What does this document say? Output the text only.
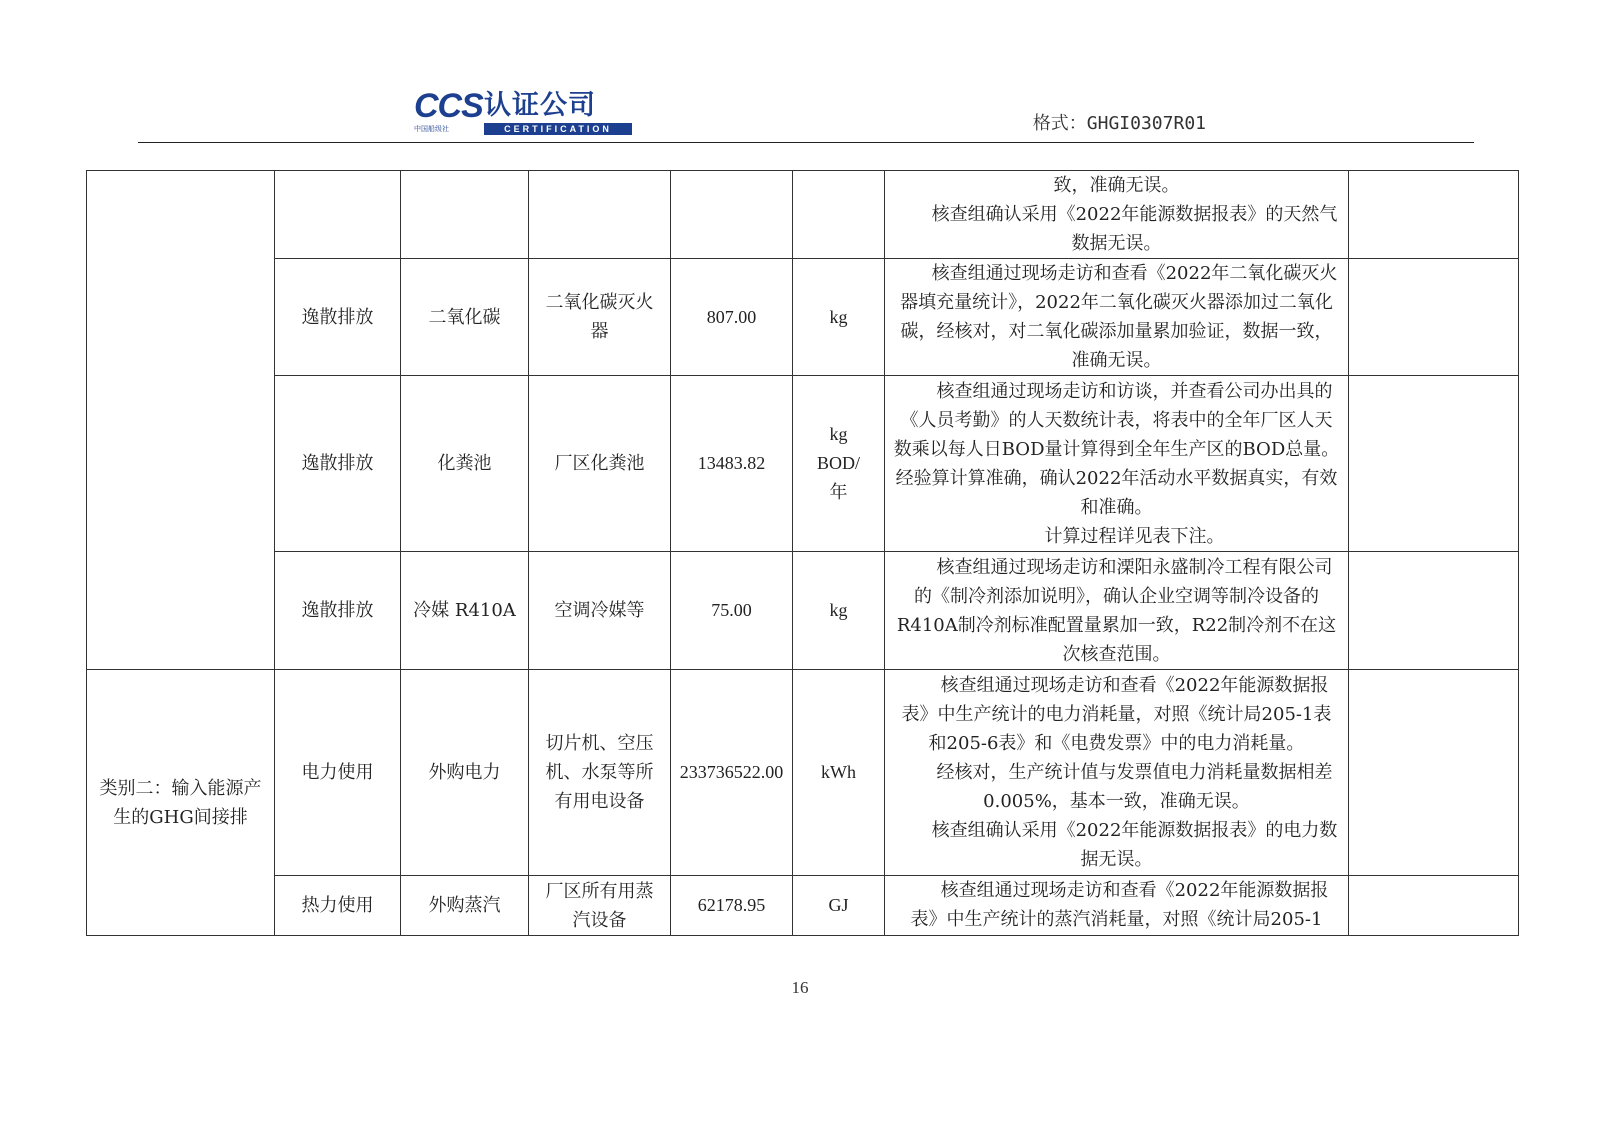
CCS
中国船级社
认证公司
CERTIFICATION	格式：GHGI0307R01

						致，准确无误。
核查组确认采用《2022年能源数据报表》的天然气数据无误。	

	逸散排放	二氧化碳	二氧化碳灭火器	807.00	kg	核查组通过现场走访和查看《2022年二氧化碳灭火器填充量统计》，2022年二氧化碳灭火器添加过二氧化碳，经核对，对二氧化碳添加量累加验证，数据一致，准确无误。	

	逸散排放	化粪池	厂区化粪池	13483.82	kg BOD/年	核查组通过现场走访和访谈，并查看公司办出具的《人员考勤》的人天数统计表，将表中的全年厂区人天数乘以每人日BOD量计算得到全年生产区的BOD总量。经验算计算准确，确认2022年活动水平数据真实，有效和准确。
计算过程详见表下注。	

	逸散排放	冷媒 R410A	空调冷媒等	75.00	kg	核查组通过现场走访和溧阳永盛制冷工程有限公司的《制冷剂添加说明》，确认企业空调等制冷设备的R410A制冷剂标准配置量累加一致，R22制冷剂不在这次核查范围。	

类别二：输入能源产生的GHG间接排	电力使用	外购电力	切片机、空压机、水泵等所有用电设备	233736522.00	kWh	核查组通过现场走访和查看《2022年能源数据报表》中生产统计的电力消耗量，对照《统计局205-1表和205-6表》和《电费发票》中的电力消耗量。
经核对，生产统计值与发票值电力消耗量数据相差0.005%，基本一致，准确无误。
核查组确认采用《2022年能源数据报表》的电力数据无误。	

	热力使用	外购蒸汽	厂区所有用蒸汽设备	62178.95	GJ	核查组通过现场走访和查看《2022年能源数据报表》中生产统计的蒸汽消耗量，对照《统计局205-1	

16
